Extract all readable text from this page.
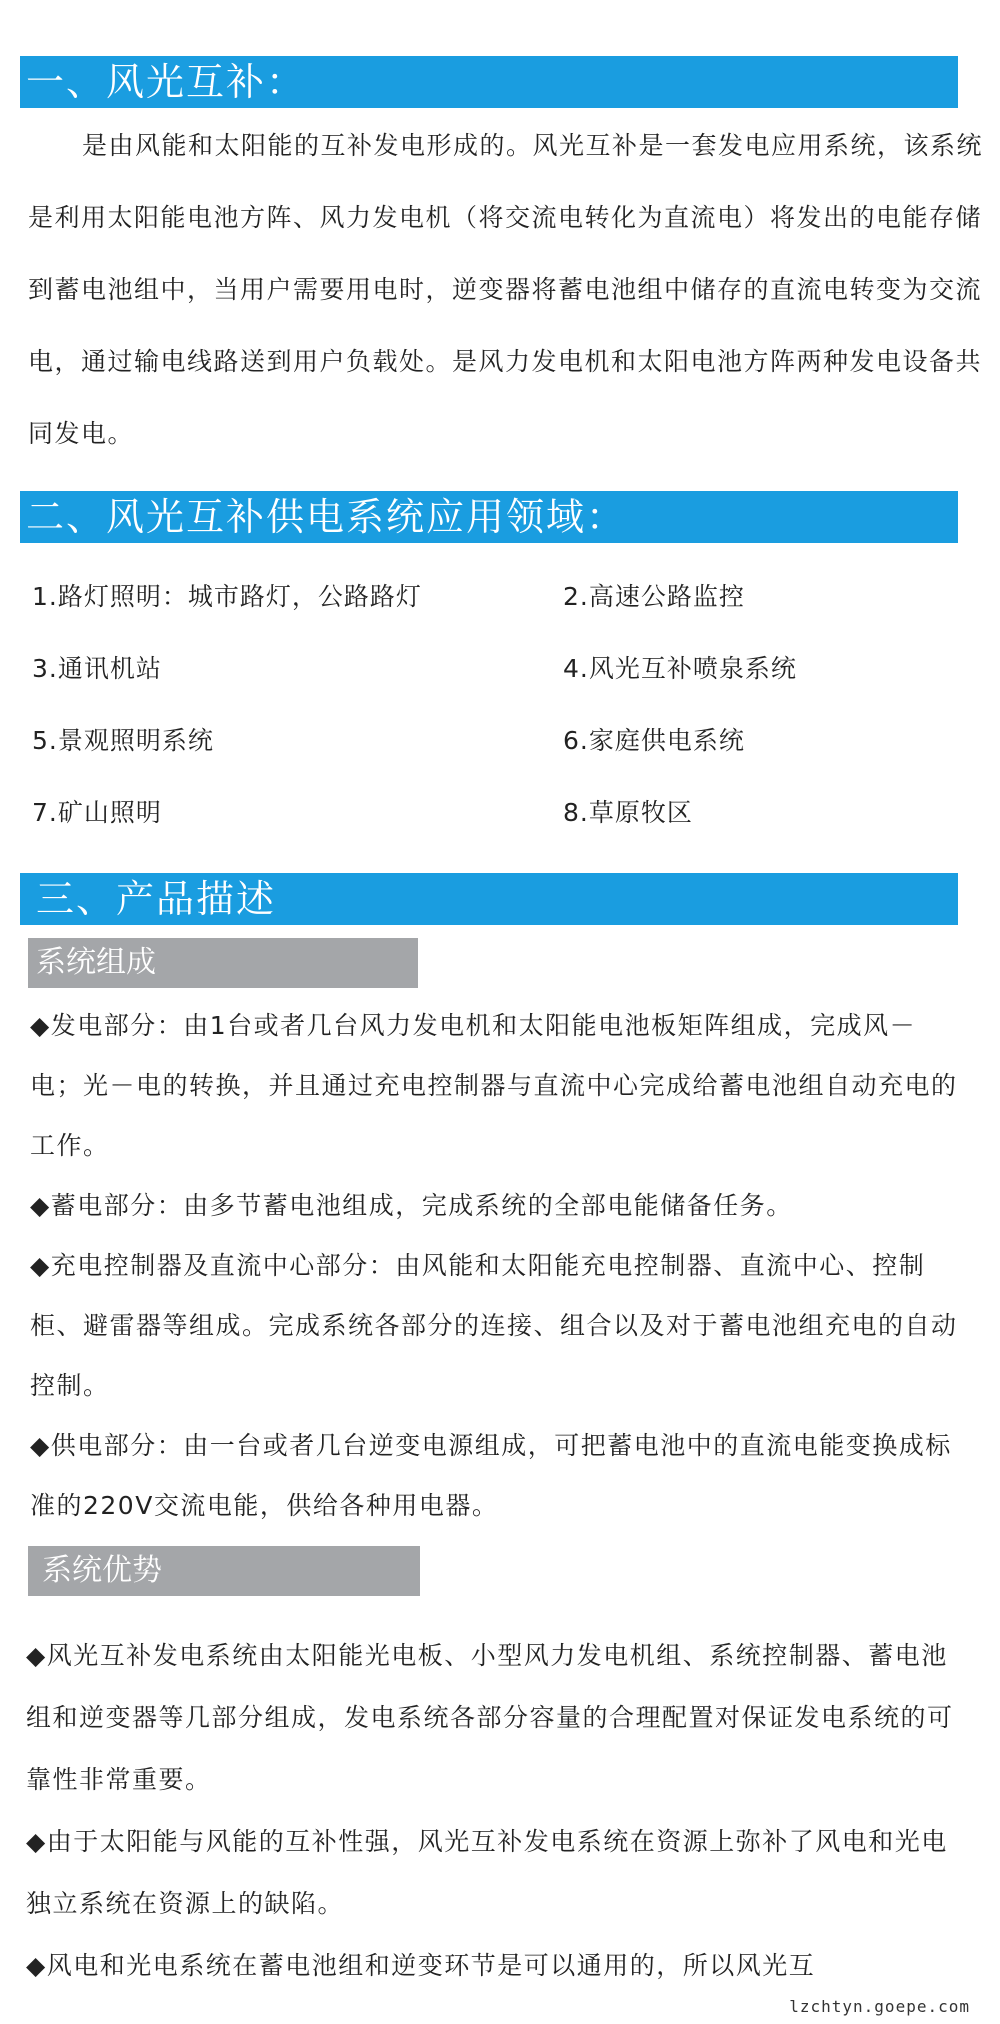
一、风光互补：
是由风能和太阳能的互补发电形成的。风光互补是一套发电应用系统，该系统是利用太阳能电池方阵、风力发电机（将交流电转化为直流电）将发出的电能存储到蓄电池组中，当用户需要用电时，逆变器将蓄电池组中储存的直流电转变为交流电，通过输电线路送到用户负载处。是风力发电机和太阳电池方阵两种发电设备共同发电。
二、风光互补供电系统应用领域：
1.路灯照明：城市路灯，公路路灯	2.高速公路监控
3.通讯机站	4.风光互补喷泉系统
5.景观照明系统	6.家庭供电系统
7.矿山照明	8.草原牧区
三、产品描述
系统组成

◆发电部分：由1台或者几台风力发电机和太阳能电池板矩阵组成，完成风－电；光－电的转换，并且通过充电控制器与直流中心完成给蓄电池组自动充电的工作。

◆蓄电部分：由多节蓄电池组成，完成系统的全部电能储备任务。

◆充电控制器及直流中心部分：由风能和太阳能充电控制器、直流中心、控制柜、避雷器等组成。完成系统各部分的连接、组合以及对于蓄电池组充电的自动控制。

◆供电部分：由一台或者几台逆变电源组成，可把蓄电池中的直流电能变换成标准的220V交流电能，供给各种用电器。

系统优势

◆风光互补发电系统由太阳能光电板、小型风力发电机组、系统控制器、蓄电池组和逆变器等几部分组成，发电系统各部分容量的合理配置对保证发电系统的可靠性非常重要。

◆由于太阳能与风能的互补性强，风光互补发电系统在资源上弥补了风电和光电独立系统在资源上的缺陷。

◆风电和光电系统在蓄电池组和逆变环节是可以通用的，所以风光互

lzchtyn.goepe.com
